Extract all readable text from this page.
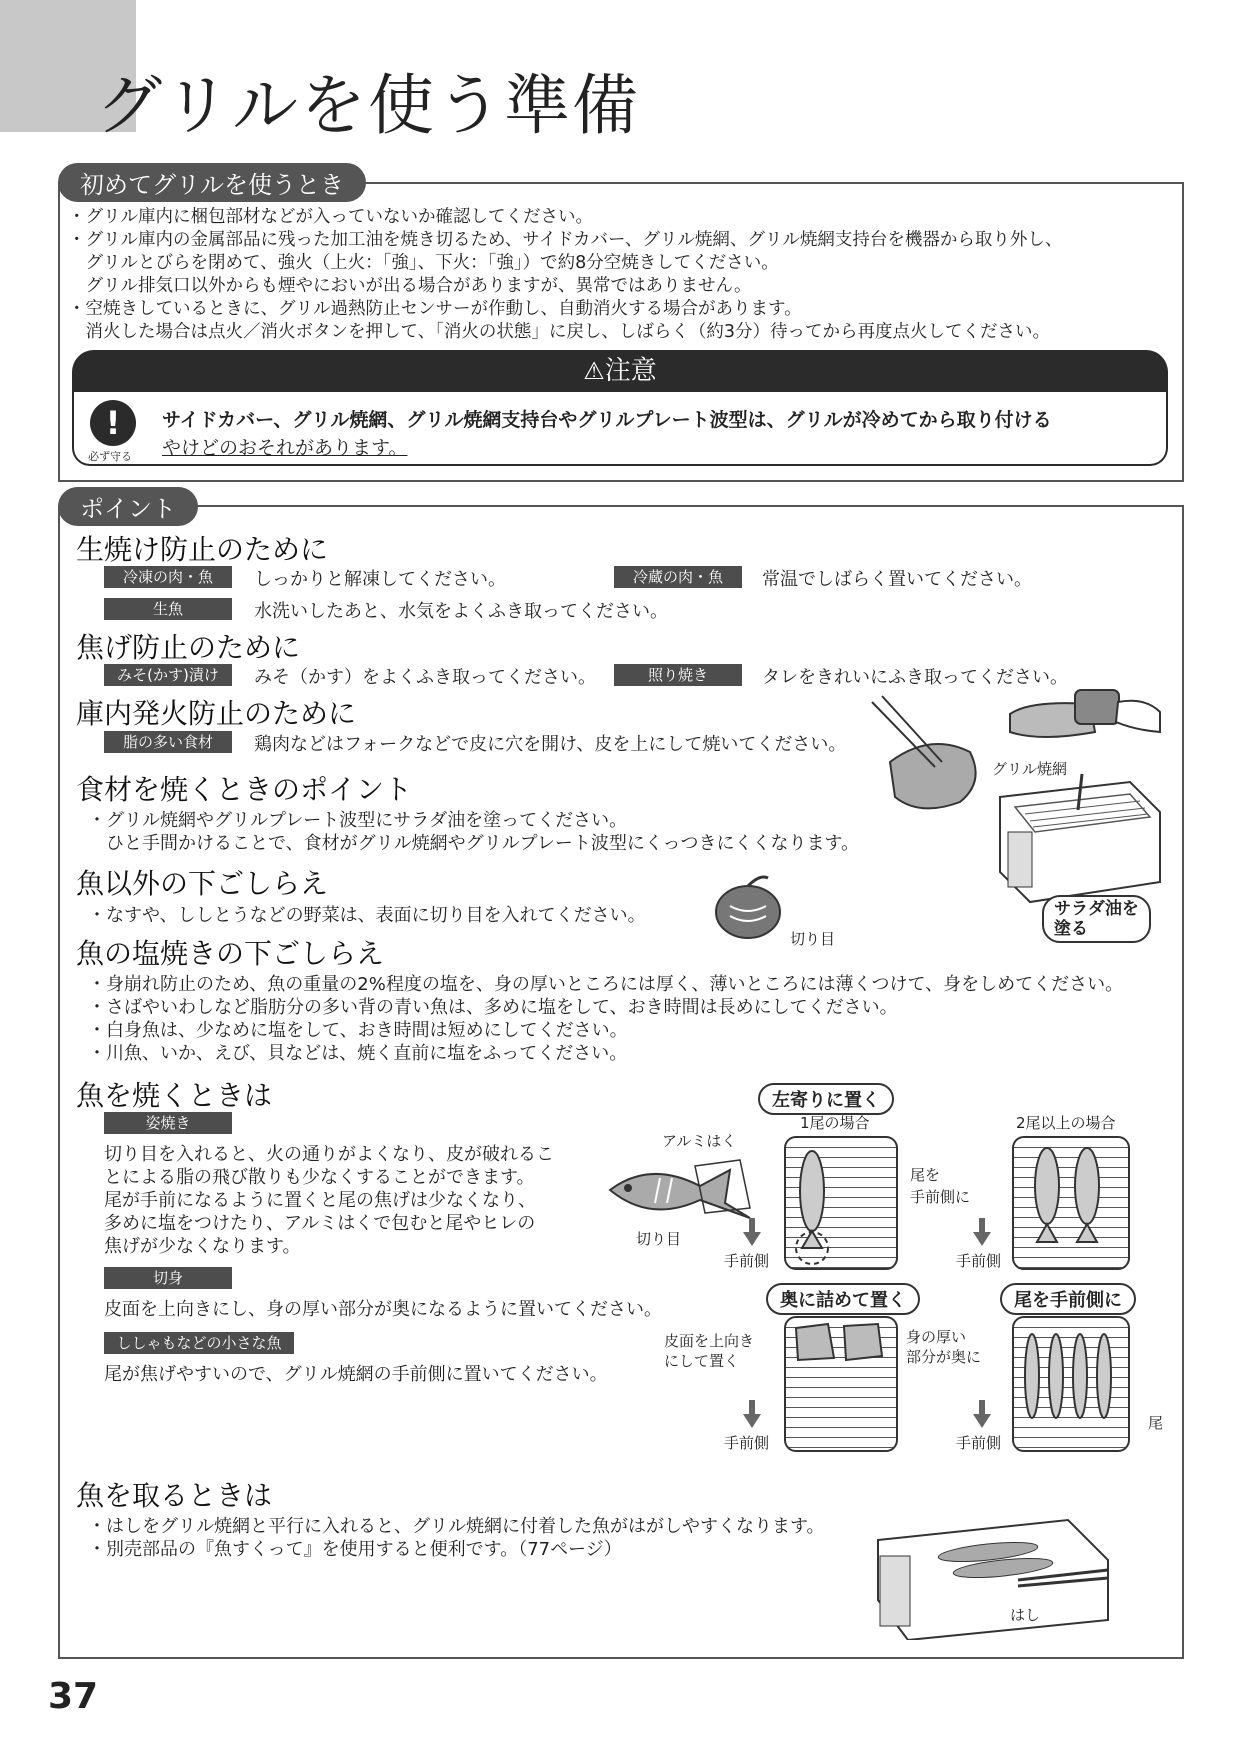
グリルを使う準備
初めてグリルを使うとき
・グリル庫内に梱包部材などが入っていないか確認してください。
・グリル庫内の金属部品に残った加工油を焼き切るため、サイドカバー、グリル焼網、グリル焼網支持台を機器から取り外し、
　グリルとびらを閉めて、強火（上火：「強」、下火：「強」）で約8分空焼きしてください。
　グリル排気口以外からも煙やにおいが出る場合がありますが、異常ではありません。
・空焼きしているときに、グリル過熱防止センサーが作動し、自動消火する場合があります。
　消火した場合は点火／消火ボタンを押して、「消火の状態」に戻し、しばらく（約3分）待ってから再度点火してください。
⚠注意
!
必ず守る
サイドカバー、グリル焼網、グリル焼網支持台やグリルプレート波型は、グリルが冷めてから取り付ける
やけどのおそれがあります。
ポイント
生焼け防止のために
冷凍の肉・魚	しっかりと解凍してください。	冷蔵の肉・魚	常温でしばらく置いてください。
生魚	水洗いしたあと、水気をよくふき取ってください。
焦げ防止のために
みそ(かす)漬け	みそ（かす）をよくふき取ってください。	照り焼き	タレをきれいにふき取ってください。
庫内発火防止のために
脂の多い食材	鶏肉などはフォークなどで皮に穴を開け、皮を上にして焼いてください。
グリル焼網
サラダ油を
塗る
食材を焼くときのポイント
・グリル焼網やグリルプレート波型にサラダ油を塗ってください。
　ひと手間かけることで、食材がグリル焼網やグリルプレート波型にくっつきにくくなります。
魚以外の下ごしらえ
・なすや、ししとうなどの野菜は、表面に切り目を入れてください。
切り目
魚の塩焼きの下ごしらえ
・身崩れ防止のため、魚の重量の2%程度の塩を、身の厚いところには厚く、薄いところには薄くつけて、身をしめてください。
・さばやいわしなど脂肪分の多い背の青い魚は、多めに塩をして、おき時間は長めにしてください。
・白身魚は、少なめに塩をして、おき時間は短めにしてください。
・川魚、いか、えび、貝などは、焼く直前に塩をふってください。
魚を焼くときは
姿焼き
切り目を入れると、火の通りがよくなり、皮が破れるこ
とによる脂の飛び散りも少なくすることができます。
尾が手前になるように置くと尾の焦げは少なくなり、
多めに塩をつけたり、アルミはくで包むと尾やヒレの
焦げが少なくなります。
切身
皮面を上向きにし、身の厚い部分が奥になるように置いてください。
ししゃもなどの小さな魚
尾が焦げやすいので、グリル焼網の手前側に置いてください。
アルミはく
切り目
左寄りに置く
1尾の場合	2尾以上の場合
尾を
手前側に
手前側	手前側
奥に詰めて置く	尾を手前側に
皮面を上向き
にして置く
身の厚い
部分が奥に
尾
手前側	手前側
魚を取るときは
・はしをグリル焼網と平行に入れると、グリル焼網に付着した魚がはがしやすくなります。
・別売部品の『魚すくって』を使用すると便利です。（77ページ）
はし
37
